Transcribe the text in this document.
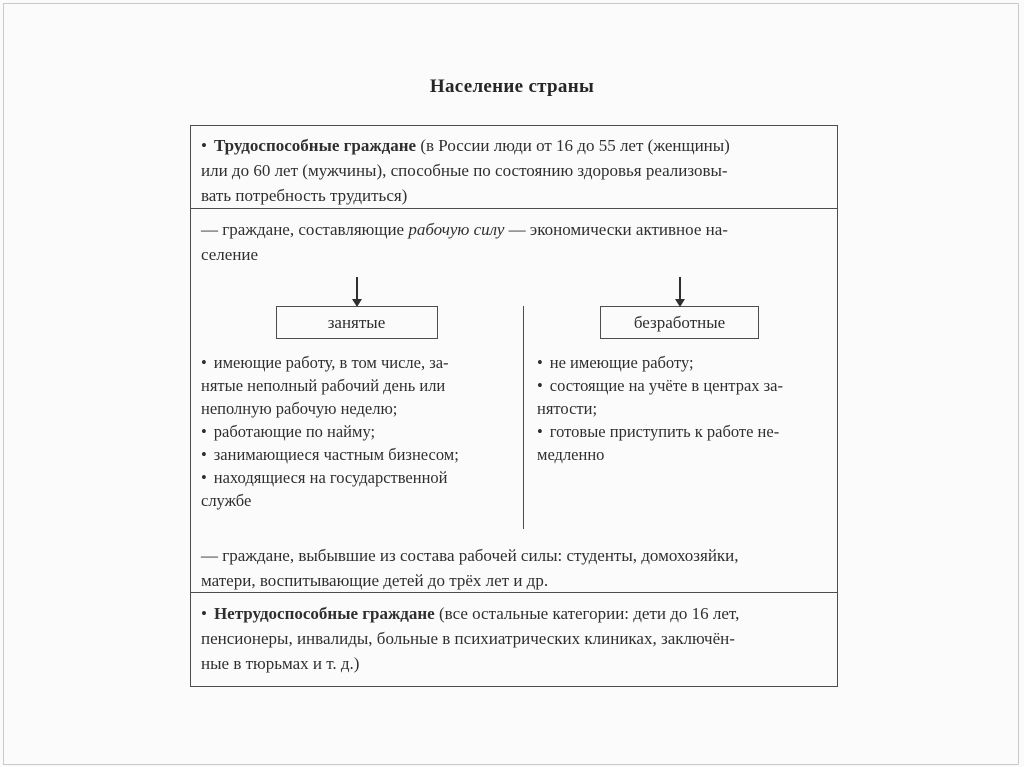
Население страны
• Трудоспособные граждане (в России люди от 16 до 55 лет (женщины)
или до 60 лет (мужчины), способные по состоянию здоровья реализовы-
вать потребность трудиться)
— граждане, составляющие рабочую силу — экономически активное на-
селение
занятые
• имеющие работу, в том числе, за-
нятые неполный рабочий день или
неполную рабочую неделю;
• работающие по найму;
• занимающиеся частным бизнесом;
• находящиеся на государственной
службе
безработные
• не имеющие работу;
• состоящие на учёте в центрах за-
нятости;
• готовые приступить к работе не-
медленно
— граждане, выбывшие из состава рабочей силы: студенты, домохозяйки,
матери, воспитывающие детей до трёх лет и др.
• Нетрудоспособные граждане (все остальные категории: дети до 16 лет,
пенсионеры, инвалиды, больные в психиатрических клиниках, заключён-
ные в тюрьмах и т. д.)
